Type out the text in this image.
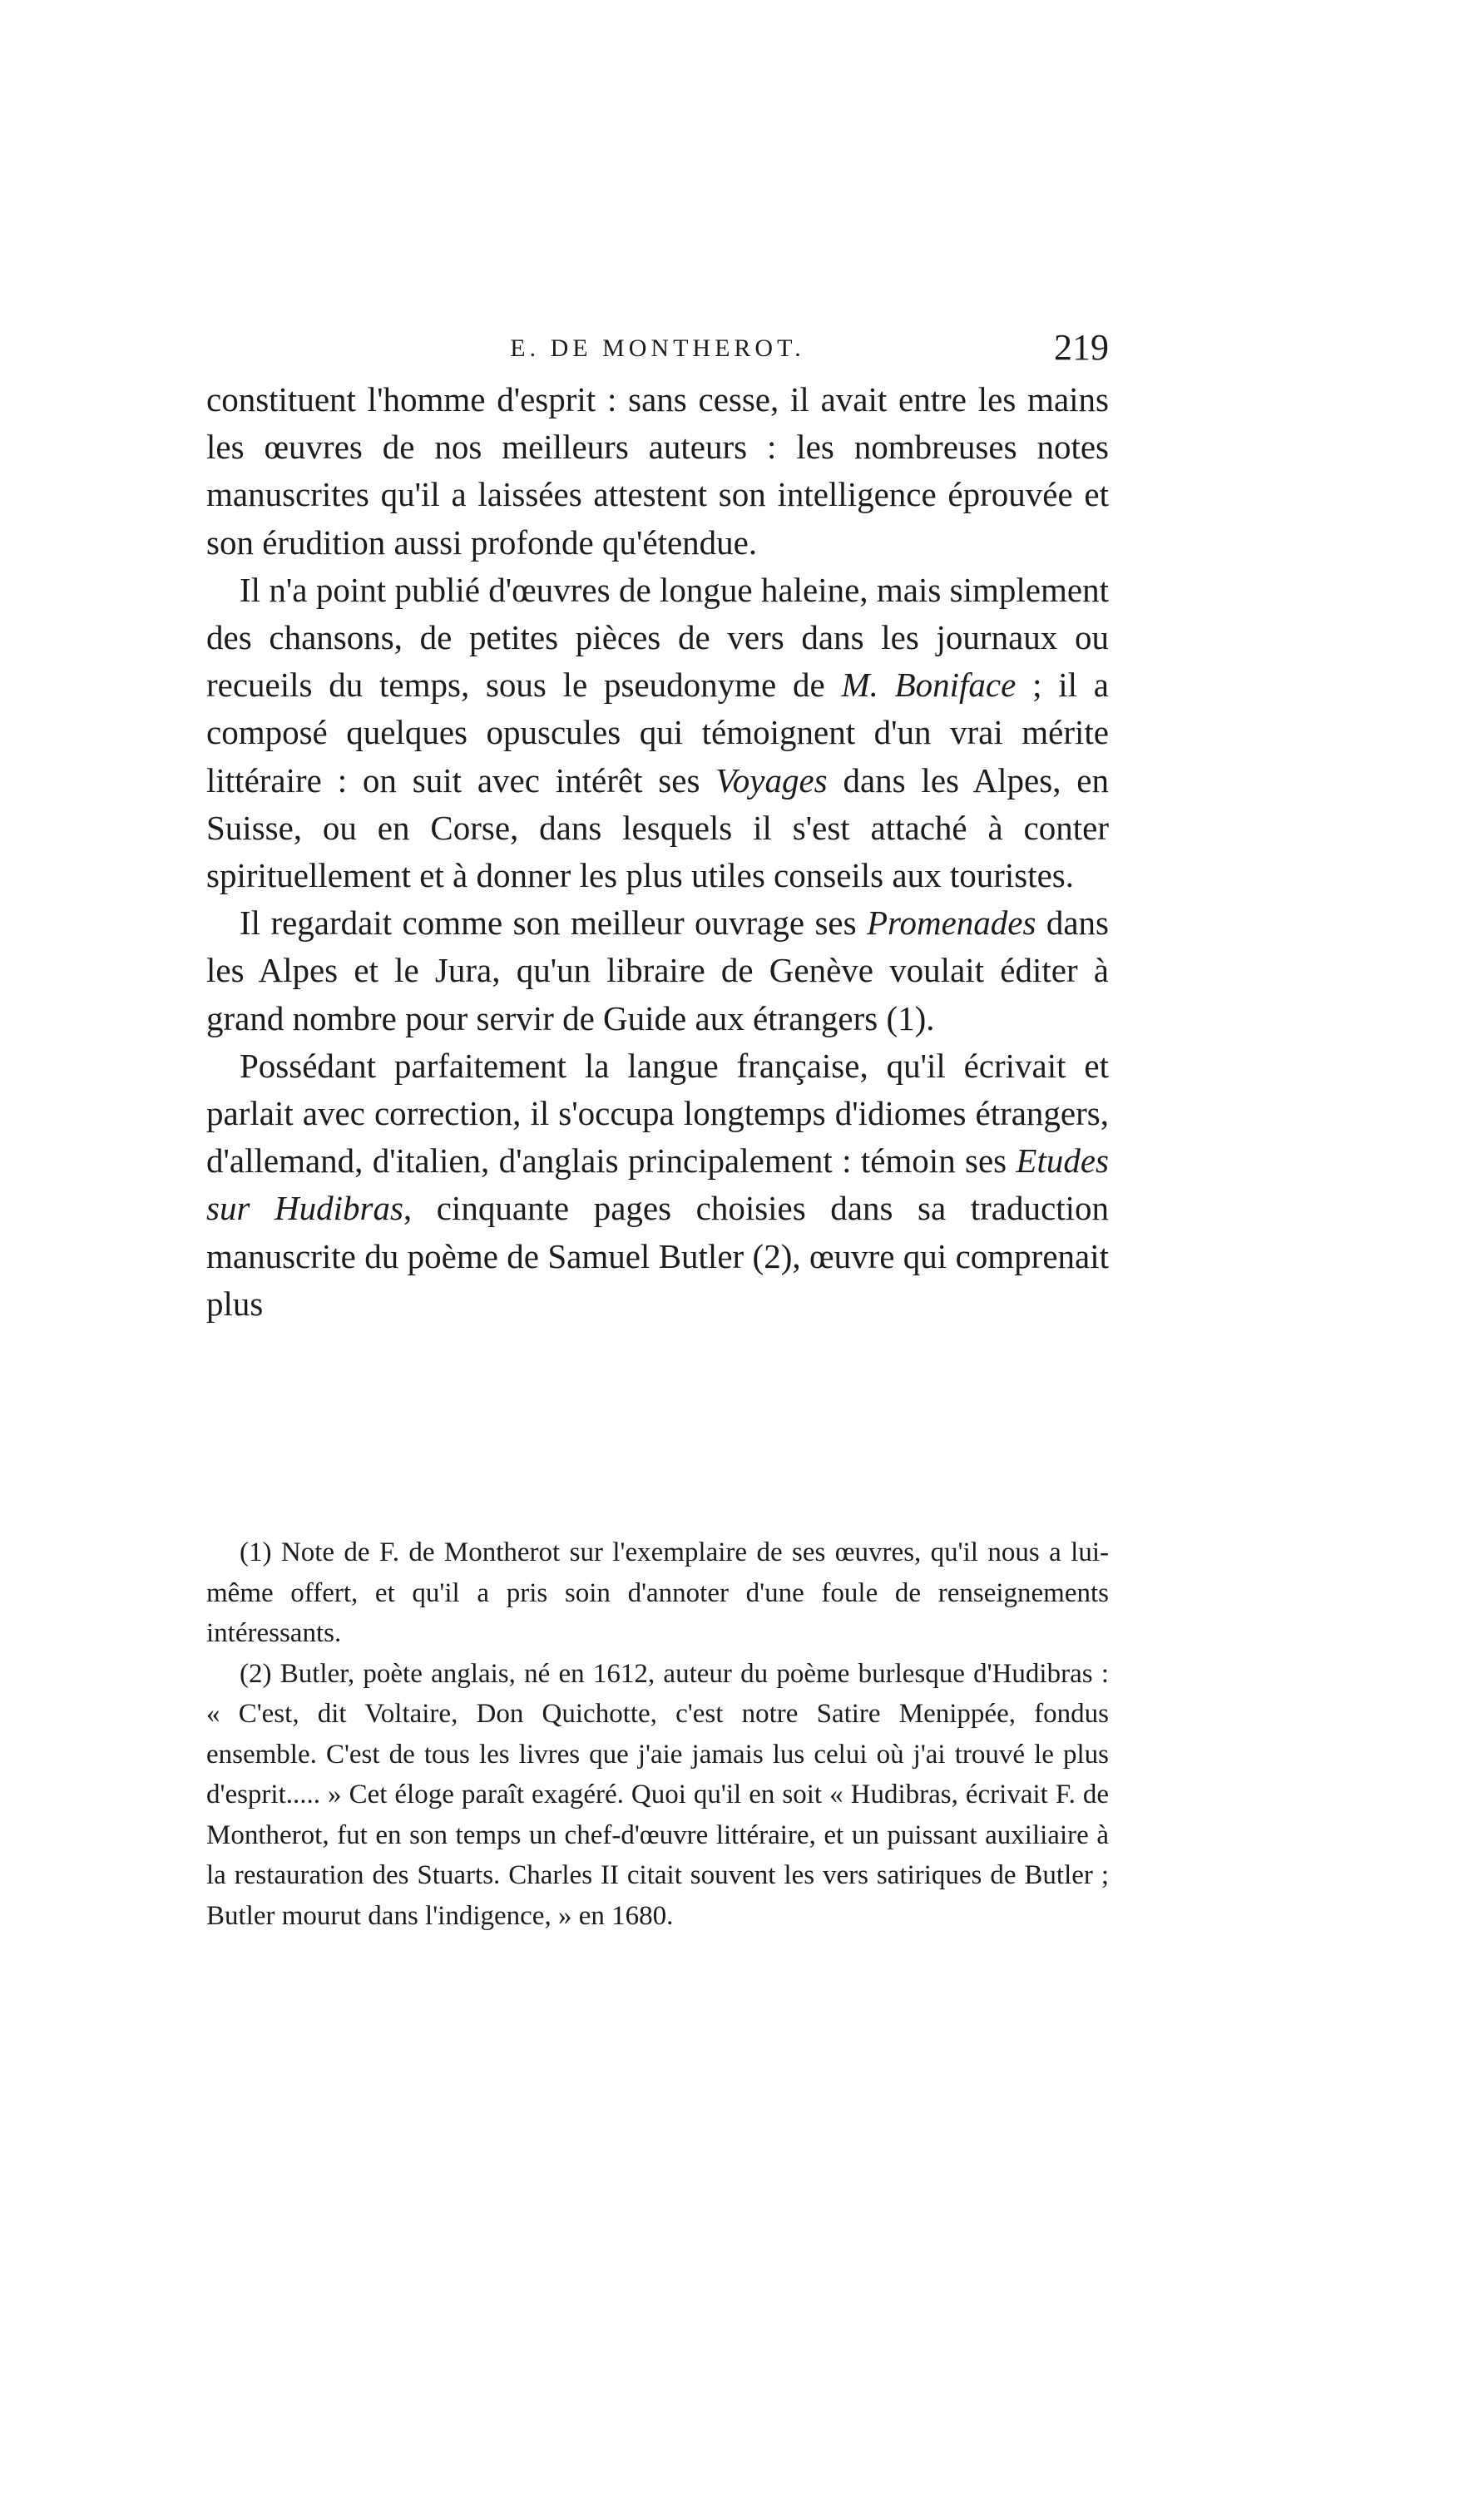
E. DE MONTHEROT.	219

constituent l'homme d'esprit : sans cesse, il avait entre les mains les œuvres de nos meilleurs auteurs : les nombreuses notes manuscrites qu'il a laissées attestent son intelligence éprouvée et son érudition aussi profonde qu'étendue.

Il n'a point publié d'œuvres de longue haleine, mais simplement des chansons, de petites pièces de vers dans les journaux ou recueils du temps, sous le pseudonyme de M. Boniface ; il a composé quelques opuscules qui témoignent d'un vrai mérite littéraire : on suit avec intérêt ses Voyages dans les Alpes, en Suisse, ou en Corse, dans lesquels il s'est attaché à conter spirituellement et à donner les plus utiles conseils aux touristes.

Il regardait comme son meilleur ouvrage ses Promenades dans les Alpes et le Jura, qu'un libraire de Genève voulait éditer à grand nombre pour servir de Guide aux étrangers (1).

Possédant parfaitement la langue française, qu'il écrivait et parlait avec correction, il s'occupa longtemps d'idiomes étrangers, d'allemand, d'italien, d'anglais principalement : témoin ses Etudes sur Hudibras, cinquante pages choisies dans sa traduction manuscrite du poème de Samuel Butler (2), œuvre qui comprenait plus

(1) Note de F. de Montherot sur l'exemplaire de ses œuvres, qu'il nous a lui-même offert, et qu'il a pris soin d'annoter d'une foule de renseignements intéressants.

(2) Butler, poète anglais, né en 1612, auteur du poème burlesque d'Hudibras : « C'est, dit Voltaire, Don Quichotte, c'est notre Satire Menippée, fondus ensemble. C'est de tous les livres que j'aie jamais lus celui où j'ai trouvé le plus d'esprit..... » Cet éloge paraît exagéré. Quoi qu'il en soit « Hudibras, écrivait F. de Montherot, fut en son temps un chef-d'œuvre littéraire, et un puissant auxiliaire à la restauration des Stuarts. Charles II citait souvent les vers satiriques de Butler ; Butler mourut dans l'indigence, » en 1680.
